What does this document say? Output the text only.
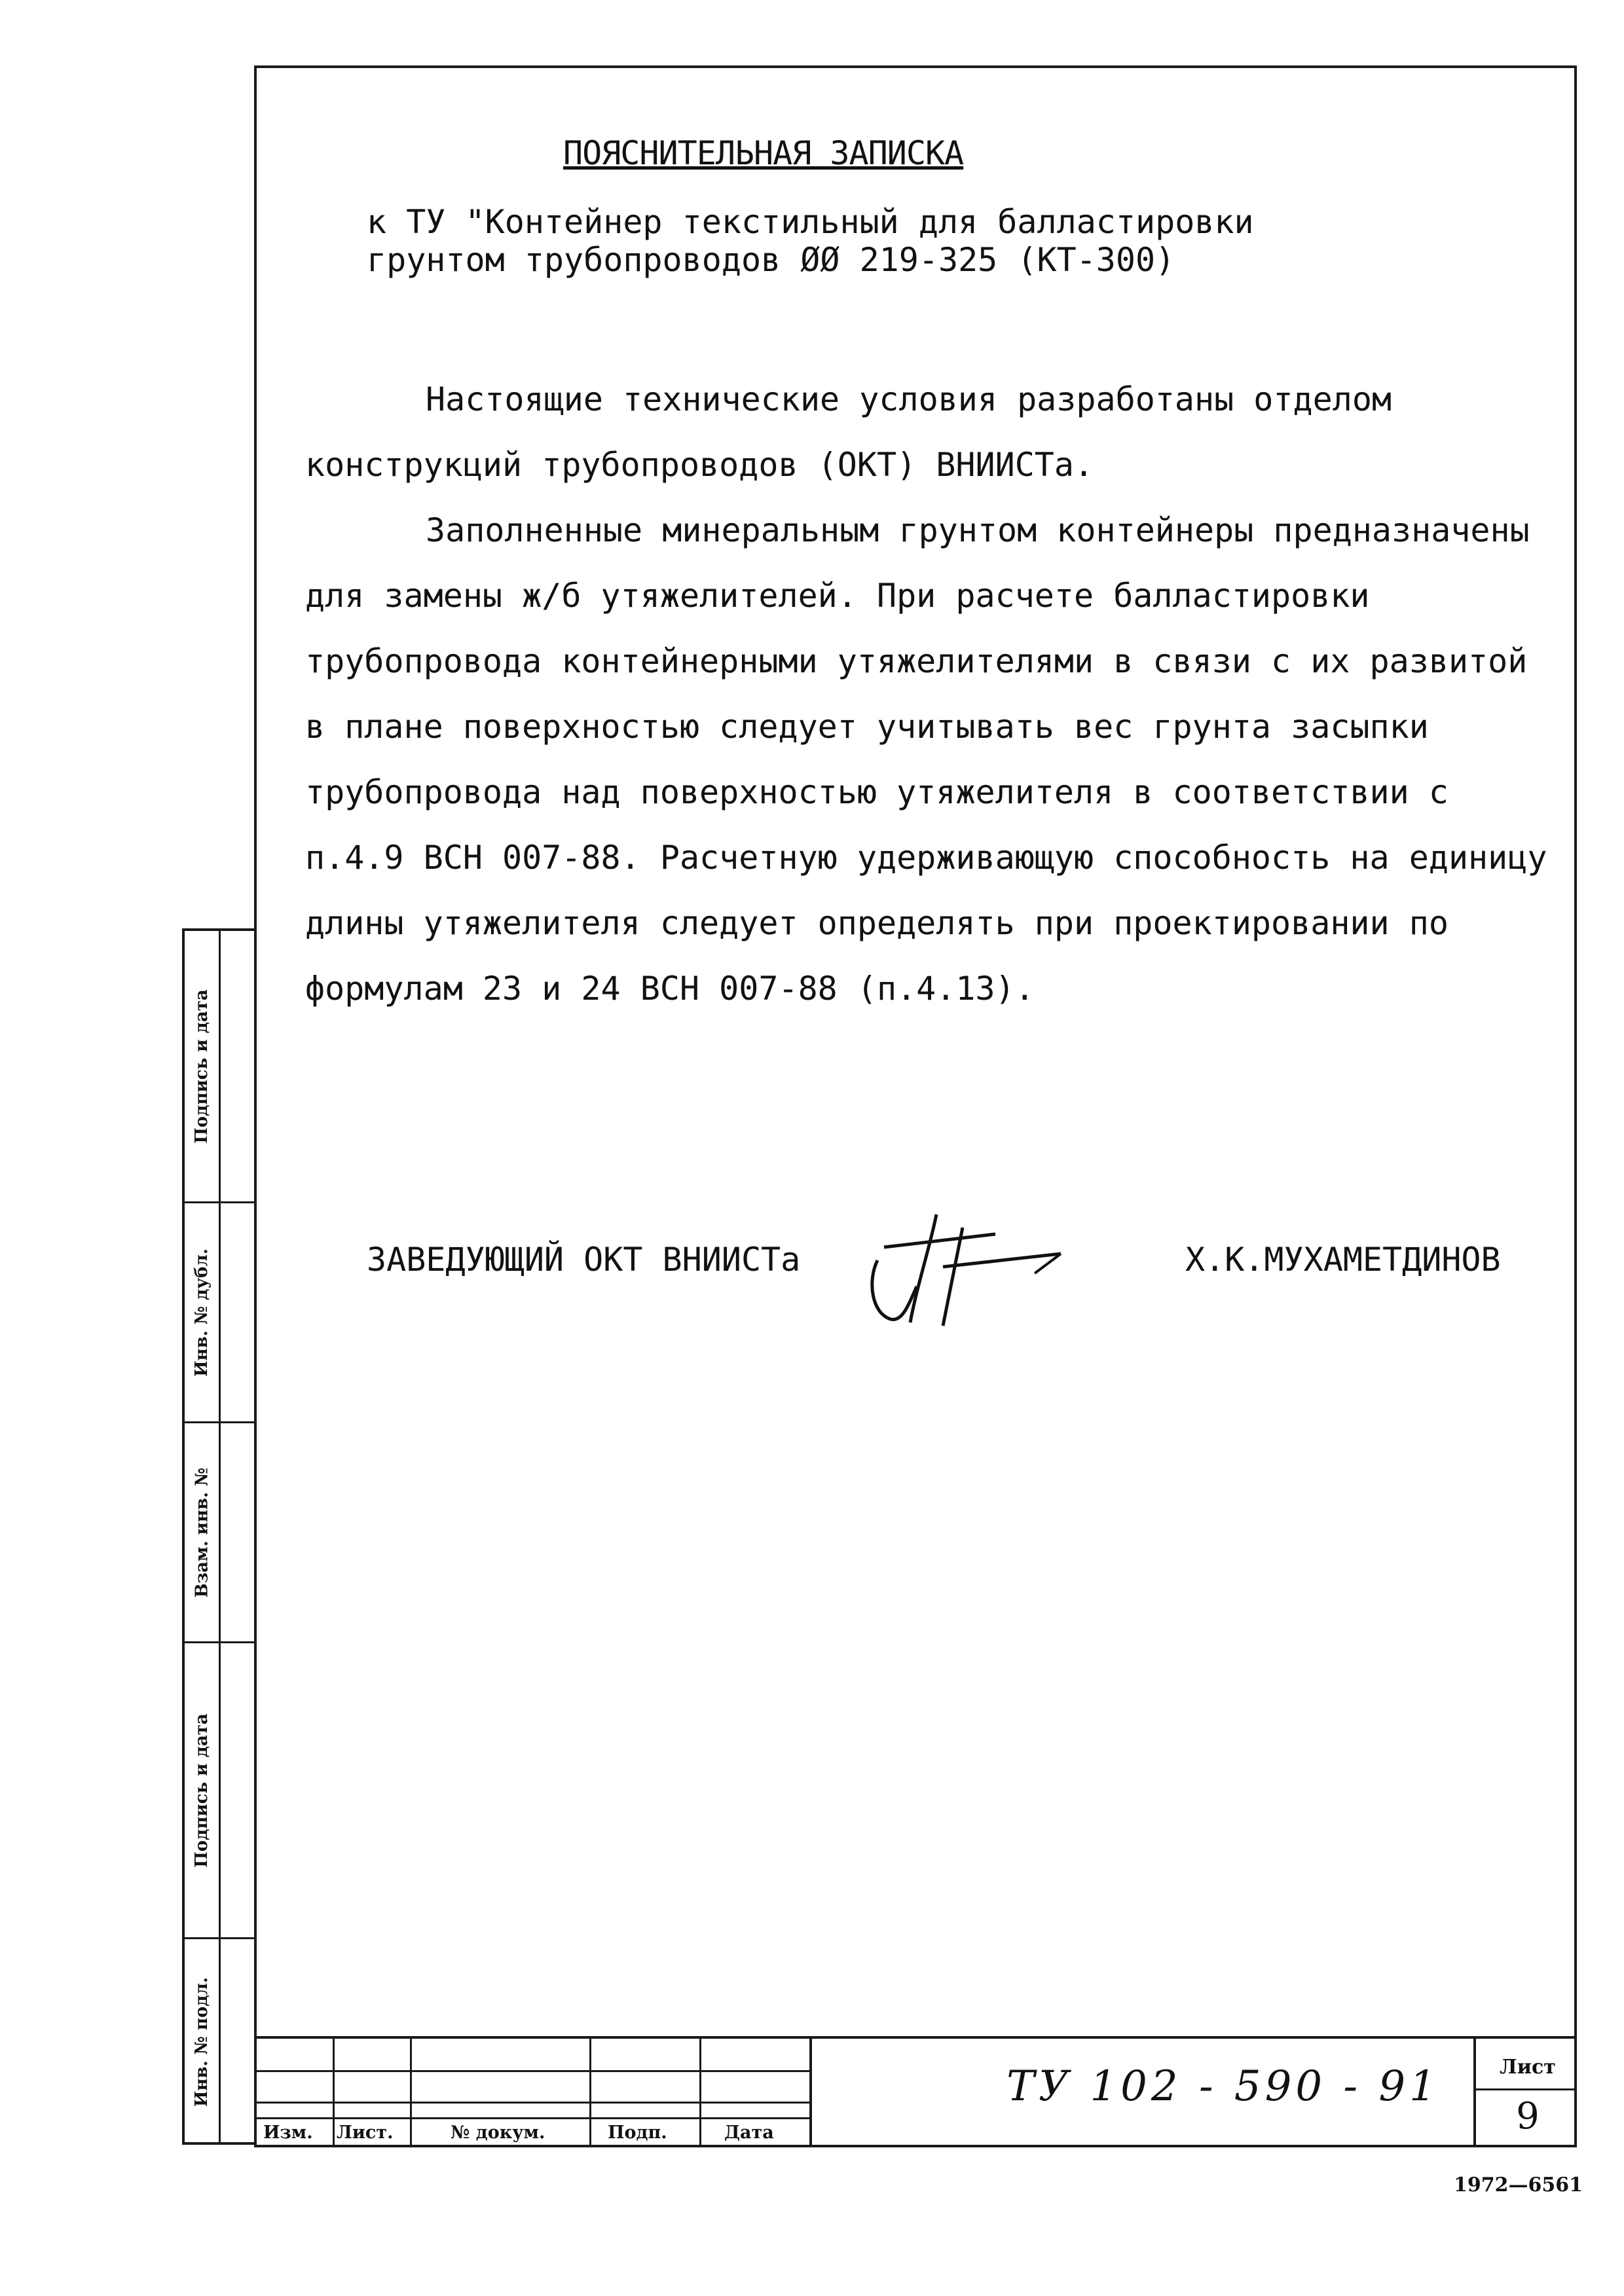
ПОЯСНИТЕЛЬНАЯ ЗАПИСКА
к ТУ "Контейнер текстильный для балластировки
грунтом трубопроводов ØØ 219-325 (КТ-300)

Настоящие технические условия разработаны отделом конструкций трубопроводов (ОКТ) ВНИИСТа.

Заполненные минеральным грунтом контейнеры предназначены для замены ж/б утяжелителей. При расчете балластировки трубопровода контейнерными утяжелителями в связи с их развитой в плане поверхностью следует учитывать вес грунта засыпки трубопровода над поверхностью утяжелителя в соответствии с п.4.9 ВСН 007-88. Расчетную удерживающую способность на единицу длины утяжелителя следует определять при проектировании по формулам 23 и 24 ВСН 007-88 (п.4.13).

ЗАВЕДУЮЩИЙ ОКТ ВНИИСТа	Х.К.МУХАМЕТДИНОВ
Подпись и дата
Инв. № дубл.
Взам. инв. №
Подпись и дата
Инв. № подл.
Изм. Лист.	№ докум.	Подп.	Дата
ТУ 102 - 590 - 91	Лист
9
1972—6561
